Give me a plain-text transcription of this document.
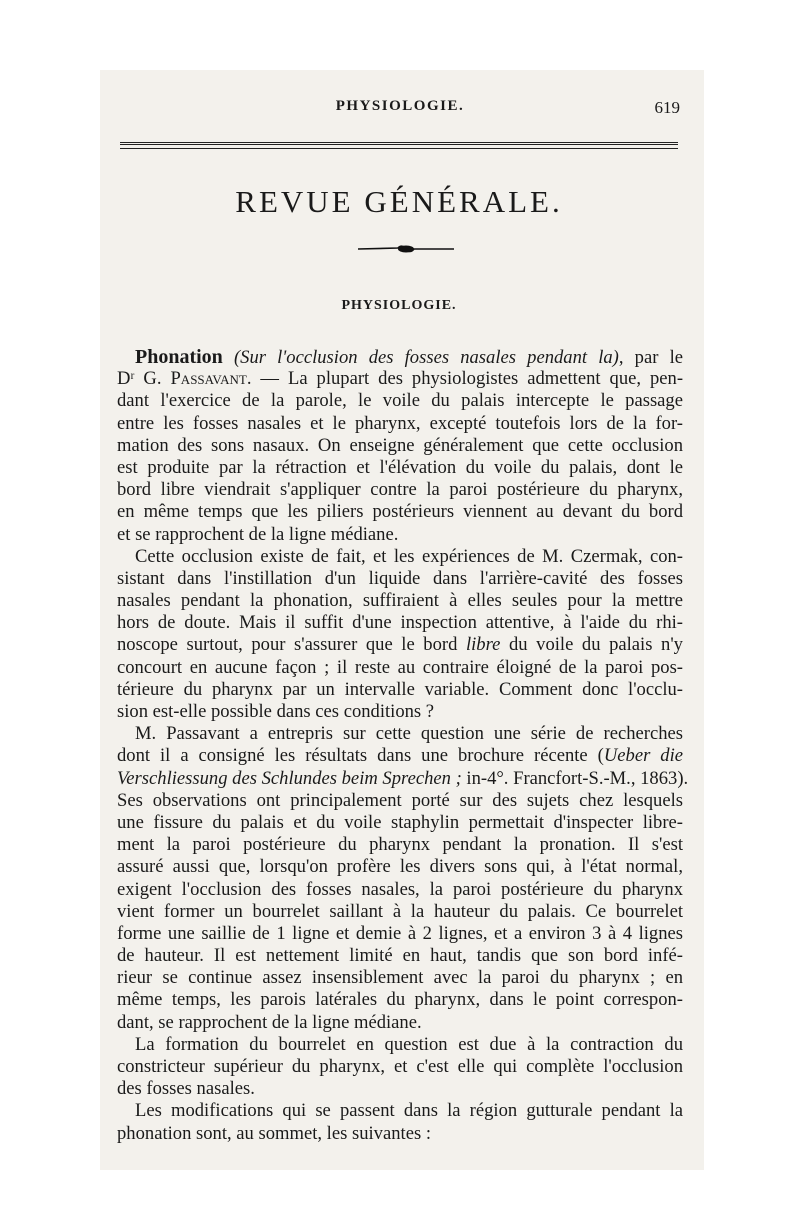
PHYSIOLOGIE.	619
REVUE GÉNÉRALE.
PHYSIOLOGIE.
Phonation (Sur l'occlusion des fosses nasales pendant la), par le
Dʳ G. Passavant. — La plupart des physiologistes admettent que, pen-
dant l'exercice de la parole, le voile du palais intercepte le passage
entre les fosses nasales et le pharynx, excepté toutefois lors de la for-
mation des sons nasaux. On enseigne généralement que cette occlusion
est produite par la rétraction et l'élévation du voile du palais, dont le
bord libre viendrait s'appliquer contre la paroi postérieure du pharynx,
en même temps que les piliers postérieurs viennent au devant du bord
et se rapprochent de la ligne médiane.
Cette occlusion existe de fait, et les expériences de M. Czermak, con-
sistant dans l'instillation d'un liquide dans l'arrière-cavité des fosses
nasales pendant la phonation, suffiraient à elles seules pour la mettre
hors de doute. Mais il suffit d'une inspection attentive, à l'aide du rhi-
noscope surtout, pour s'assurer que le bord libre du voile du palais n'y
concourt en aucune façon ; il reste au contraire éloigné de la paroi pos-
térieure du pharynx par un intervalle variable. Comment donc l'occlu-
sion est-elle possible dans ces conditions ?
M. Passavant a entrepris sur cette question une série de recherches
dont il a consigné les résultats dans une brochure récente (Ueber die
Verschliessung des Schlundes beim Sprechen ; in-4°. Francfort-S.-M., 1863).
Ses observations ont principalement porté sur des sujets chez lesquels
une fissure du palais et du voile staphylin permettait d'inspecter libre-
ment la paroi postérieure du pharynx pendant la pronation. Il s'est
assuré aussi que, lorsqu'on profère les divers sons qui, à l'état normal,
exigent l'occlusion des fosses nasales, la paroi postérieure du pharynx
vient former un bourrelet saillant à la hauteur du palais. Ce bourrelet
forme une saillie de 1 ligne et demie à 2 lignes, et a environ 3 à 4 lignes
de hauteur. Il est nettement limité en haut, tandis que son bord infé-
rieur se continue assez insensiblement avec la paroi du pharynx ; en
même temps, les parois latérales du pharynx, dans le point correspon-
dant, se rapprochent de la ligne médiane.
La formation du bourrelet en question est due à la contraction du
constricteur supérieur du pharynx, et c'est elle qui complète l'occlusion
des fosses nasales.
Les modifications qui se passent dans la région gutturale pendant la
phonation sont, au sommet, les suivantes :
